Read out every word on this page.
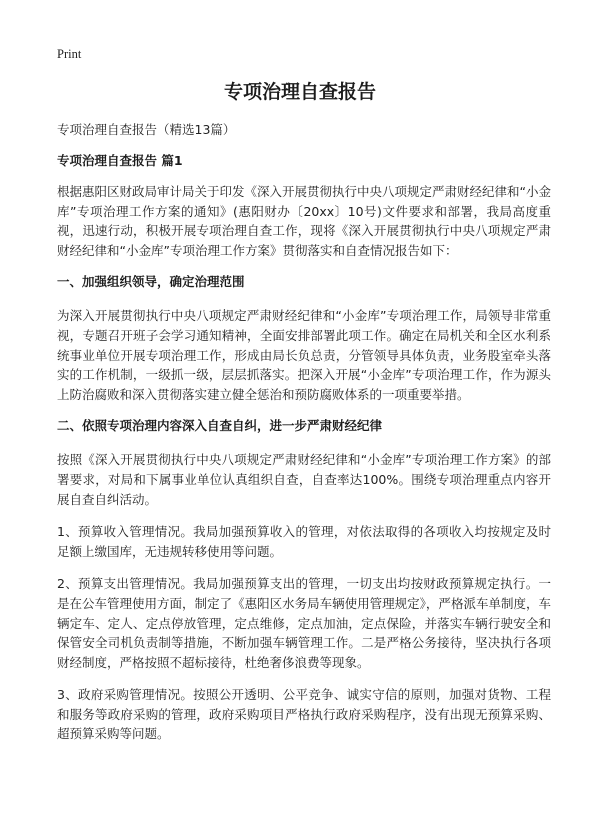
Print
专项治理自查报告

专项治理自查报告（精选13篇）

专项治理自查报告 篇1

根据惠阳区财政局审计局关于印发《深入开展贯彻执行中央八项规定严肃财经纪律和“小金库”专项治理工作方案的通知》(惠阳财办〔20xx〕10号)文件要求和部署，我局高度重视，迅速行动，积极开展专项治理自查工作，现将《深入开展贯彻执行中央八项规定严肃财经纪律和“小金库”专项治理工作方案》贯彻落实和自查情况报告如下：

一、加强组织领导，确定治理范围

为深入开展贯彻执行中央八项规定严肃财经纪律和“小金库”专项治理工作，局领导非常重视，专题召开班子会学习通知精神，全面安排部署此项工作。确定在局机关和全区水利系统事业单位开展专项治理工作，形成由局长负总责，分管领导具体负责，业务股室牵头落实的工作机制，一级抓一级，层层抓落实。把深入开展“小金库”专项治理工作，作为源头上防治腐败和深入贯彻落实建立健全惩治和预防腐败体系的一项重要举措。

二、依照专项治理内容深入自查自纠，进一步严肃财经纪律

按照《深入开展贯彻执行中央八项规定严肃财经纪律和“小金库”专项治理工作方案》的部署要求，对局和下属事业单位认真组织自查，自查率达100%。围绕专项治理重点内容开展自查自纠活动。

1、预算收入管理情况。我局加强预算收入的管理，对依法取得的各项收入均按规定及时足额上缴国库，无违规转移使用等问题。

2、预算支出管理情况。我局加强预算支出的管理，一切支出均按财政预算规定执行。一是在公车管理使用方面，制定了《惠阳区水务局车辆使用管理规定》，严格派车单制度，车辆定车、定人、定点停放管理，定点维修，定点加油，定点保险，并落实车辆行驶安全和保管安全司机负责制等措施，不断加强车辆管理工作。二是严格公务接待，坚决执行各项财经制度，严格按照不超标接待，杜绝奢侈浪费等现象。

3、政府采购管理情况。按照公开透明、公平竞争、诚实守信的原则，加强对货物、工程和服务等政府采购的管理，政府采购项目严格执行政府采购程序，没有出现无预算采购、超预算采购等问题。
